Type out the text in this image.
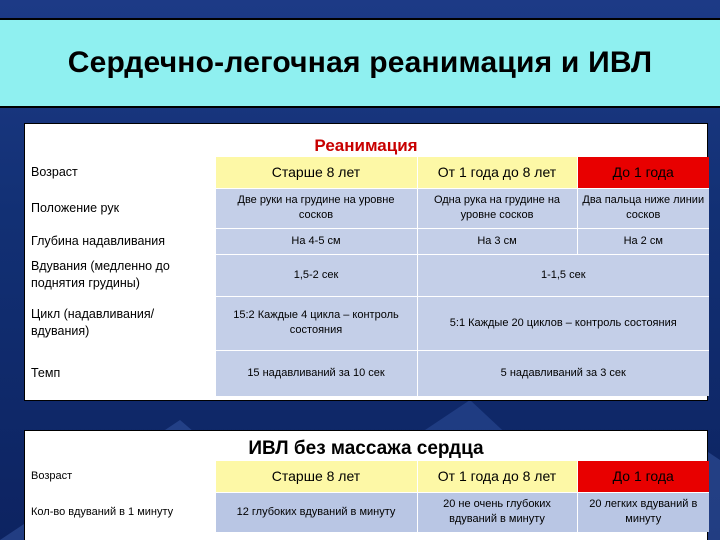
Сердечно-легочная реанимация и ИВЛ
Реанимация
Возраст	Старше 8 лет	От 1 года до 8 лет	До 1 года
Положение рук	Две руки на грудине на уровне сосков	Одна рука на грудине на уровне сосков	Два пальца ниже линии сосков
Глубина надавливания	На 4-5 см	На 3 см	На 2 см
Вдувания (медленно до поднятия грудины)	1,5-2 сек	1-1,5 сек	
Цикл (надавливания/вдувания)	15:2 Каждые 4 цикла – контроль состояния	5:1 Каждые 20 циклов – контроль состояния	
Темп	15 надавливаний за 10 сек	5 надавливаний за 3 сек	
ИВЛ без массажа сердца
Возраст	Старше 8 лет	От 1 года до 8 лет	До 1 года
Кол-во вдуваний в 1 минуту	12 глубоких вдуваний в минуту	20 не очень глубоких вдуваний в минуту	20 легких вдуваний в минуту
